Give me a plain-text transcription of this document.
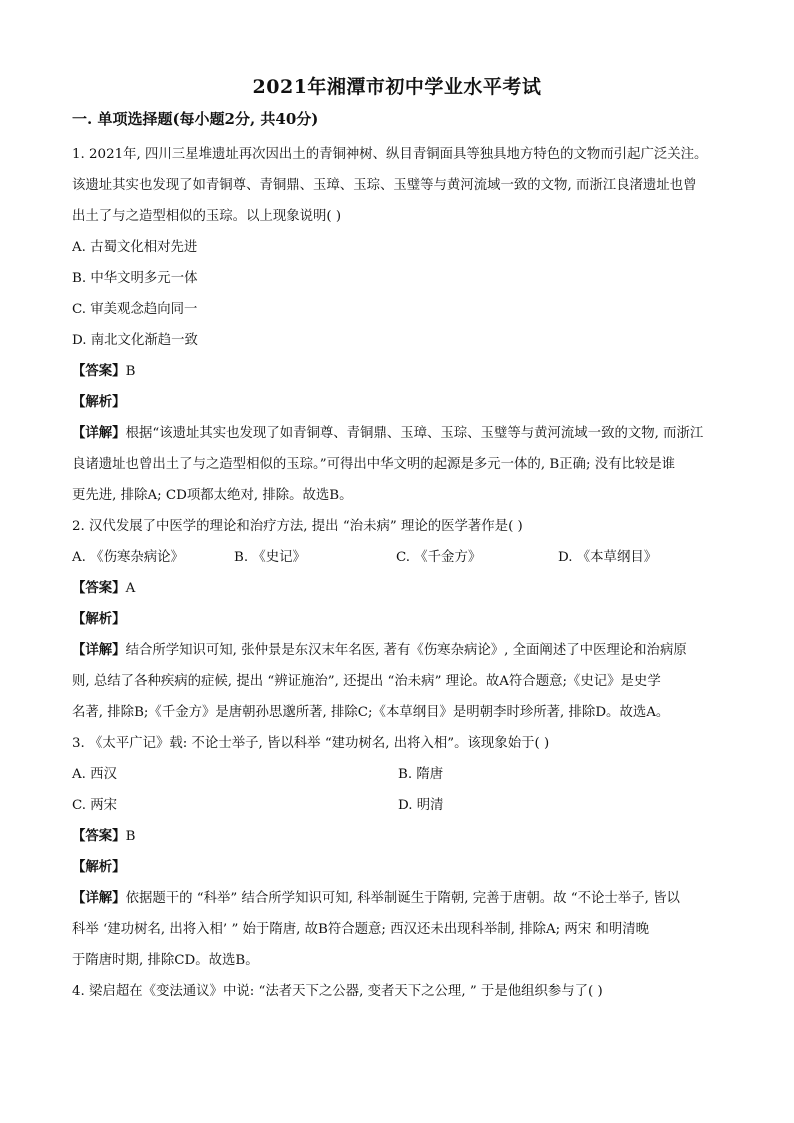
2021年湘潭市初中学业水平考试
一. 单项选择题(每小题2分, 共40分)

1. 2021年, 四川三星堆遗址再次因出土的青铜神树、纵目青铜面具等独具地方特色的文物而引起广泛关注。

该遗址其实也发现了如青铜尊、青铜鼎、玉璋、玉琮、玉璧等与黄河流域一致的文物, 而浙江良渚遗址也曾

出土了与之造型相似的玉琮。以上现象说明( )

A. 古蜀文化相对先进

B. 中华文明多元一体

C. 审美观念趋向同一

D. 南北文化渐趋一致

【答案】B

【解析】

【详解】根据“该遗址其实也发现了如青铜尊、青铜鼎、玉璋、玉琮、玉璧等与黄河流域一致的文物, 而浙江

良诸遗址也曾出土了与之造型相似的玉琮。”可得出中华文明的起源是多元一体的, B正确; 没有比较是谁

更先进, 排除A; CD项都太绝对, 排除。故选B。

2. 汉代发展了中医学的理论和治疗方法, 提出 “治未病” 理论的医学著作是( )

A. 《伤寒杂病论》	B. 《史记》	C. 《千金方》	D. 《本草纲目》

【答案】A

【解析】

【详解】结合所学知识可知, 张仲景是东汉末年名医, 著有《伤寒杂病论》, 全面阐述了中医理论和治病原

则, 总结了各种疾病的症候, 提出 “辨证施治”, 还提出 “治未病” 理论。故A符合题意;《史记》是史学

名著, 排除B;《千金方》是唐朝孙思邈所著, 排除C;《本草纲目》是明朝李时珍所著, 排除D。故选A。

3. 《太平广记》载: 不论士举子, 皆以科举 “建功树名, 出将入相”。该现象始于( )

A. 西汉	B. 隋唐

C. 两宋	D. 明清

【答案】B

【解析】

【详解】依据题干的 “科举” 结合所学知识可知, 科举制诞生于隋朝, 完善于唐朝。故 “不论士举子, 皆以

科举 ‘建功树名, 出将入相’ ” 始于隋唐, 故B符合题意; 西汉还未出现科举制, 排除A; 两宋 和明清晚

于隋唐时期, 排除CD。故选B。

4. 梁启超在《变法通议》中说: “法者天下之公器, 变者天下之公理, ” 于是他组织参与了( )
